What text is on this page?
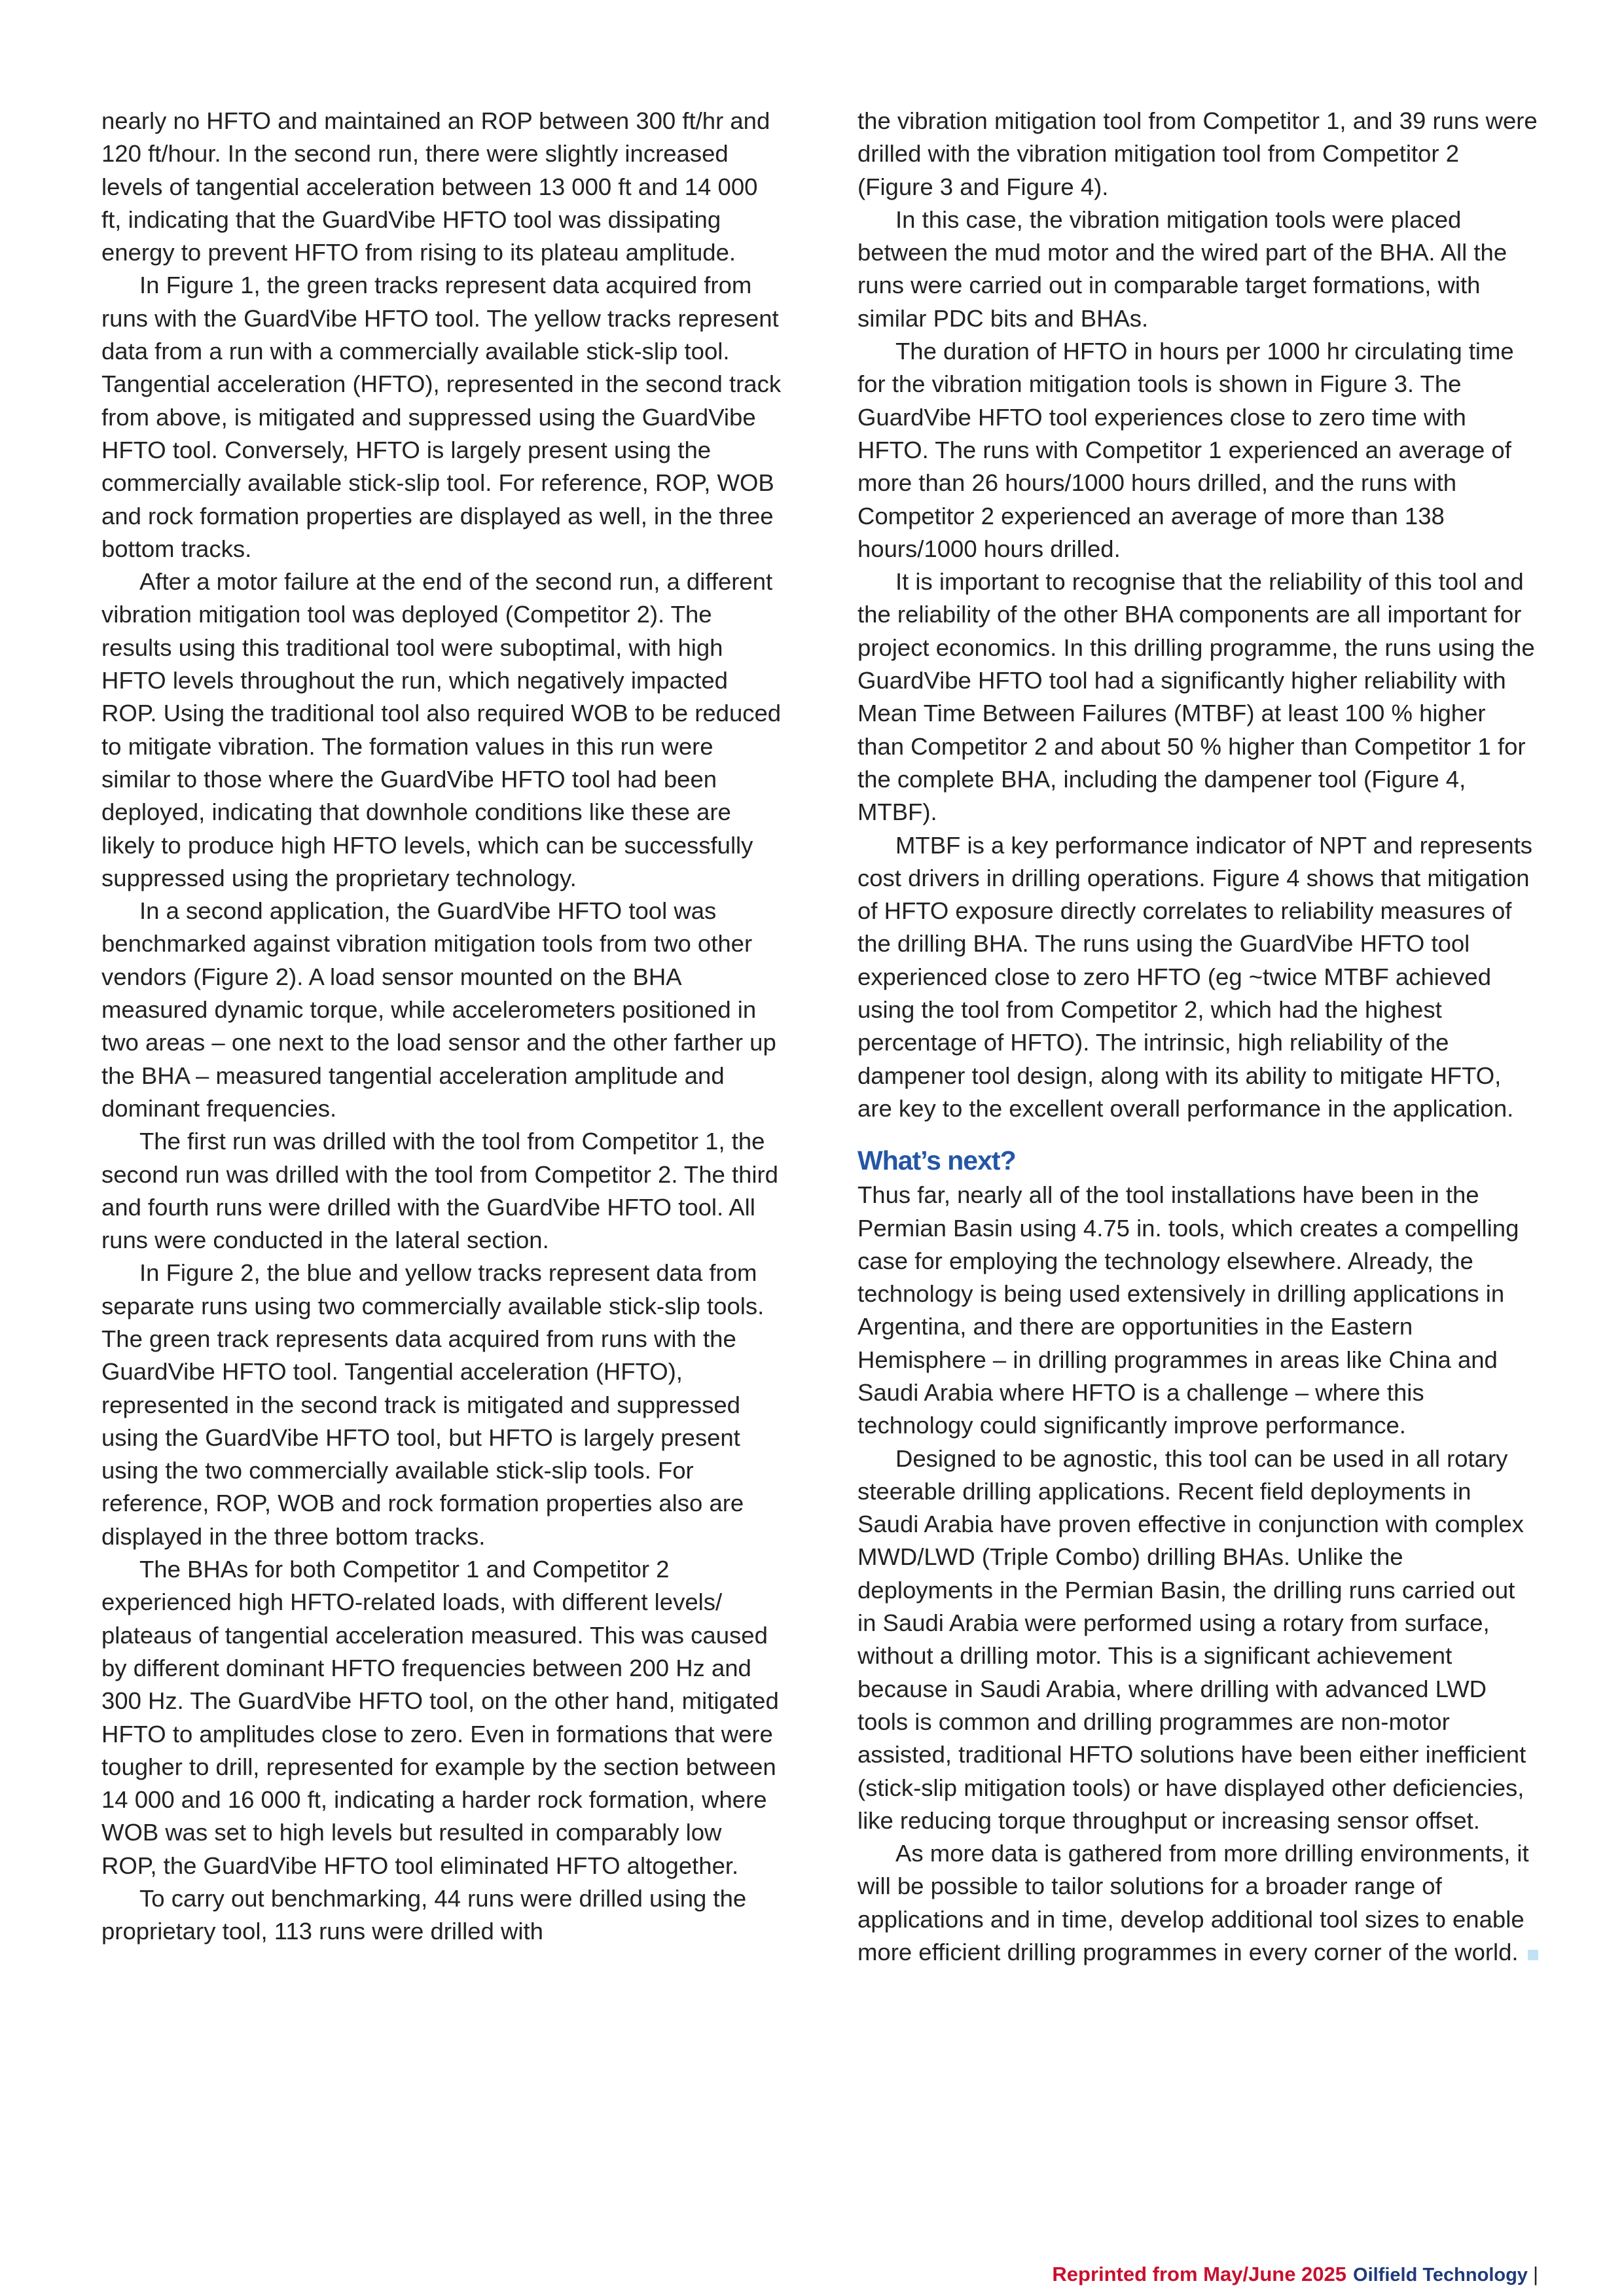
nearly no HFTO and maintained an ROP between 300 ft/hr and 120 ft/hour. In the second run, there were slightly increased levels of tangential acceleration between 13 000 ft and 14 000 ft, indicating that the GuardVibe HFTO tool was dissipating energy to prevent HFTO from rising to its plateau amplitude.

In Figure 1, the green tracks represent data acquired from runs with the GuardVibe HFTO tool. The yellow tracks represent data from a run with a commercially available stick-slip tool. Tangential acceleration (HFTO), represented in the second track from above, is mitigated and suppressed using the GuardVibe HFTO tool. Conversely, HFTO is largely present using the commercially available stick-slip tool. For reference, ROP, WOB and rock formation properties are displayed as well, in the three bottom tracks.

After a motor failure at the end of the second run, a different vibration mitigation tool was deployed (Competitor 2). The results using this traditional tool were suboptimal, with high HFTO levels throughout the run, which negatively impacted ROP. Using the traditional tool also required WOB to be reduced to mitigate vibration. The formation values in this run were similar to those where the GuardVibe HFTO tool had been deployed, indicating that downhole conditions like these are likely to produce high HFTO levels, which can be successfully suppressed using the proprietary technology.

In a second application, the GuardVibe HFTO tool was benchmarked against vibration mitigation tools from two other vendors (Figure 2). A load sensor mounted on the BHA measured dynamic torque, while accelerometers positioned in two areas – one next to the load sensor and the other farther up the BHA – measured tangential acceleration amplitude and dominant frequencies.

The first run was drilled with the tool from Competitor 1, the second run was drilled with the tool from Competitor 2. The third and fourth runs were drilled with the GuardVibe HFTO tool. All runs were conducted in the lateral section.

In Figure 2, the blue and yellow tracks represent data from separate runs using two commercially available stick-slip tools. The green track represents data acquired from runs with the GuardVibe HFTO tool. Tangential acceleration (HFTO), represented in the second track is mitigated and suppressed using the GuardVibe HFTO tool, but HFTO is largely present using the two commercially available stick-slip tools. For reference, ROP, WOB and rock formation properties also are displayed in the three bottom tracks.

The BHAs for both Competitor 1 and Competitor 2 experienced high HFTO-related loads, with different levels/ plateaus of tangential acceleration measured. This was caused by different dominant HFTO frequencies between 200 Hz and 300 Hz. The GuardVibe HFTO tool, on the other hand, mitigated HFTO to amplitudes close to zero. Even in formations that were tougher to drill, represented for example by the section between 14 000 and 16 000 ft, indicating a harder rock formation, where WOB was set to high levels but resulted in comparably low ROP, the GuardVibe HFTO tool eliminated HFTO altogether.

To carry out benchmarking, 44 runs were drilled using the proprietary tool, 113 runs were drilled with

the vibration mitigation tool from Competitor 1, and 39 runs were drilled with the vibration mitigation tool from Competitor 2 (Figure 3 and Figure 4).

In this case, the vibration mitigation tools were placed between the mud motor and the wired part of the BHA. All the runs were carried out in comparable target formations, with similar PDC bits and BHAs.

The duration of HFTO in hours per 1000 hr circulating time for the vibration mitigation tools is shown in Figure 3. The GuardVibe HFTO tool experiences close to zero time with HFTO. The runs with Competitor 1 experienced an average of more than 26 hours/1000 hours drilled, and the runs with Competitor 2 experienced an average of more than 138 hours/1000 hours drilled.

It is important to recognise that the reliability of this tool and the reliability of the other BHA components are all important for project economics. In this drilling programme, the runs using the GuardVibe HFTO tool had a significantly higher reliability with Mean Time Between Failures (MTBF) at least 100 % higher than Competitor 2 and about 50 % higher than Competitor 1 for the complete BHA, including the dampener tool (Figure 4, MTBF).

MTBF is a key performance indicator of NPT and represents cost drivers in drilling operations. Figure 4 shows that mitigation of HFTO exposure directly correlates to reliability measures of the drilling BHA. The runs using the GuardVibe HFTO tool experienced close to zero HFTO (eg ~twice MTBF achieved using the tool from Competitor 2, which had the highest percentage of HFTO). The intrinsic, high reliability of the dampener tool design, along with its ability to mitigate HFTO, are key to the excellent overall performance in the application.

What’s next?

Thus far, nearly all of the tool installations have been in the Permian Basin using 4.75 in. tools, which creates a compelling case for employing the technology elsewhere. Already, the technology is being used extensively in drilling applications in Argentina, and there are opportunities in the Eastern Hemisphere – in drilling programmes in areas like China and Saudi Arabia where HFTO is a challenge – where this technology could significantly improve performance.

Designed to be agnostic, this tool can be used in all rotary steerable drilling applications. Recent field deployments in Saudi Arabia have proven effective in conjunction with complex MWD/LWD (Triple Combo) drilling BHAs. Unlike the deployments in the Permian Basin, the drilling runs carried out in Saudi Arabia were performed using a rotary from surface, without a drilling motor. This is a significant achievement because in Saudi Arabia, where drilling with advanced LWD tools is common and drilling programmes are non-motor assisted, traditional HFTO solutions have been either inefficient (stick-slip mitigation tools) or have displayed other deficiencies, like reducing torque throughput or increasing sensor offset.

As more data is gathered from more drilling environments, it will be possible to tailor solutions for a broader range of applications and in time, develop additional tool sizes to enable more efficient drilling programmes in every corner of the world.

Reprinted from May/June 2025 Oilfield Technology |
